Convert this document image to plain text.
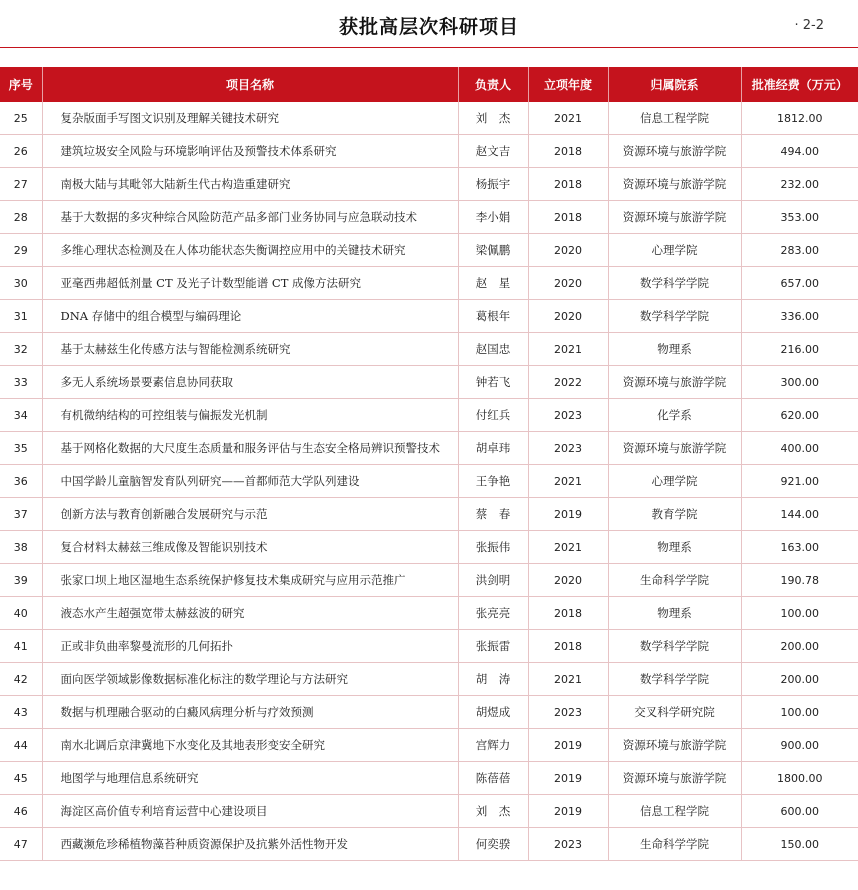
获批高层次科研项目	· 2-2
序号	项目名称	负责人	立项年度	归属院系	批准经费（万元）
25	复杂版面手写图文识别及理解关键技术研究	刘　杰	2021	信息工程学院	1812.00
26	建筑垃圾安全风险与环境影响评估及预警技术体系研究	赵文吉	2018	资源环境与旅游学院	494.00
27	南极大陆与其毗邻大陆新生代古构造重建研究	杨振宇	2018	资源环境与旅游学院	232.00
28	基于大数据的多灾种综合风险防范产品多部门业务协同与应急联动技术	李小娟	2018	资源环境与旅游学院	353.00
29	多维心理状态检测及在人体功能状态失衡调控应用中的关键技术研究	梁佩鹏	2020	心理学院	283.00
30	亚毫西弗超低剂量 CT 及光子计数型能谱 CT 成像方法研究	赵　星	2020	数学科学学院	657.00
31	DNA 存储中的组合模型与编码理论	葛根年	2020	数学科学学院	336.00
32	基于太赫兹生化传感方法与智能检测系统研究	赵国忠	2021	物理系	216.00
33	多无人系统场景要素信息协同获取	钟若飞	2022	资源环境与旅游学院	300.00
34	有机微纳结构的可控组装与偏振发光机制	付红兵	2023	化学系	620.00
35	基于网格化数据的大尺度生态质量和服务评估与生态安全格局辨识预警技术	胡卓玮	2023	资源环境与旅游学院	400.00
36	中国学龄儿童脑智发育队列研究——首都师范大学队列建设	王争艳	2021	心理学院	921.00
37	创新方法与教育创新融合发展研究与示范	蔡　春	2019	教育学院	144.00
38	复合材料太赫兹三维成像及智能识别技术	张振伟	2021	物理系	163.00
39	张家口坝上地区湿地生态系统保护修复技术集成研究与应用示范推广	洪剑明	2020	生命科学学院	190.78
40	液态水产生超强宽带太赫兹波的研究	张亮亮	2018	物理系	100.00
41	正或非负曲率黎曼流形的几何拓扑	张振雷	2018	数学科学学院	200.00
42	面向医学领域影像数据标准化标注的数学理论与方法研究	胡　涛	2021	数学科学学院	200.00
43	数据与机理融合驱动的白癜风病理分析与疗效预测	胡煜成	2023	交叉科学研究院	100.00
44	南水北调后京津冀地下水变化及其地表形变安全研究	宫辉力	2019	资源环境与旅游学院	900.00
45	地图学与地理信息系统研究	陈蓓蓓	2019	资源环境与旅游学院	1800.00
46	海淀区高价值专利培育运营中心建设项目	刘　杰	2019	信息工程学院	600.00
47	西藏濒危珍稀植物藻苔种质资源保护及抗紫外活性物开发	何奕骙	2023	生命科学学院	150.00
